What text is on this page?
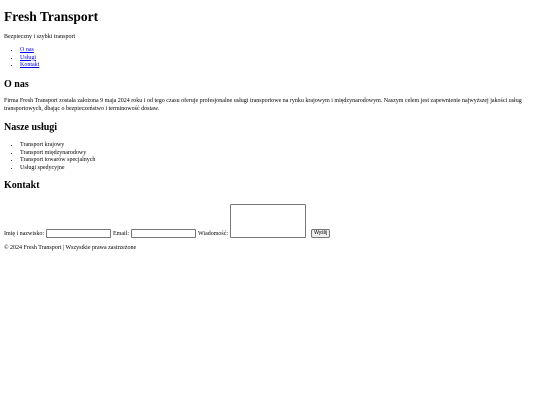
Fresh Transport

Bezpieczny i szybki transport

• O nas
• Usługi
• Kontakt
O nas

Firma Fresh Transport została założona 9 maja 2024 roku i od tego czasu oferuje profesjonalne usługi transportowe na rynku krajowym i międzynarodowym. Naszym celem jest zapewnienie najwyższej jakości usług transportowych, dbając o bezpieczeństwo i terminowość dostaw.

Nasze usługi
• Transport krajowy
• Transport międzynarodowy
• Transport towarów specjalnych
• Usługi spedycyjne
Kontakt
Imię i nazwisko:	Email:	Wiadomość:	Wyślij

© 2024 Fresh Transport | Wszystkie prawa zastrzeżone
